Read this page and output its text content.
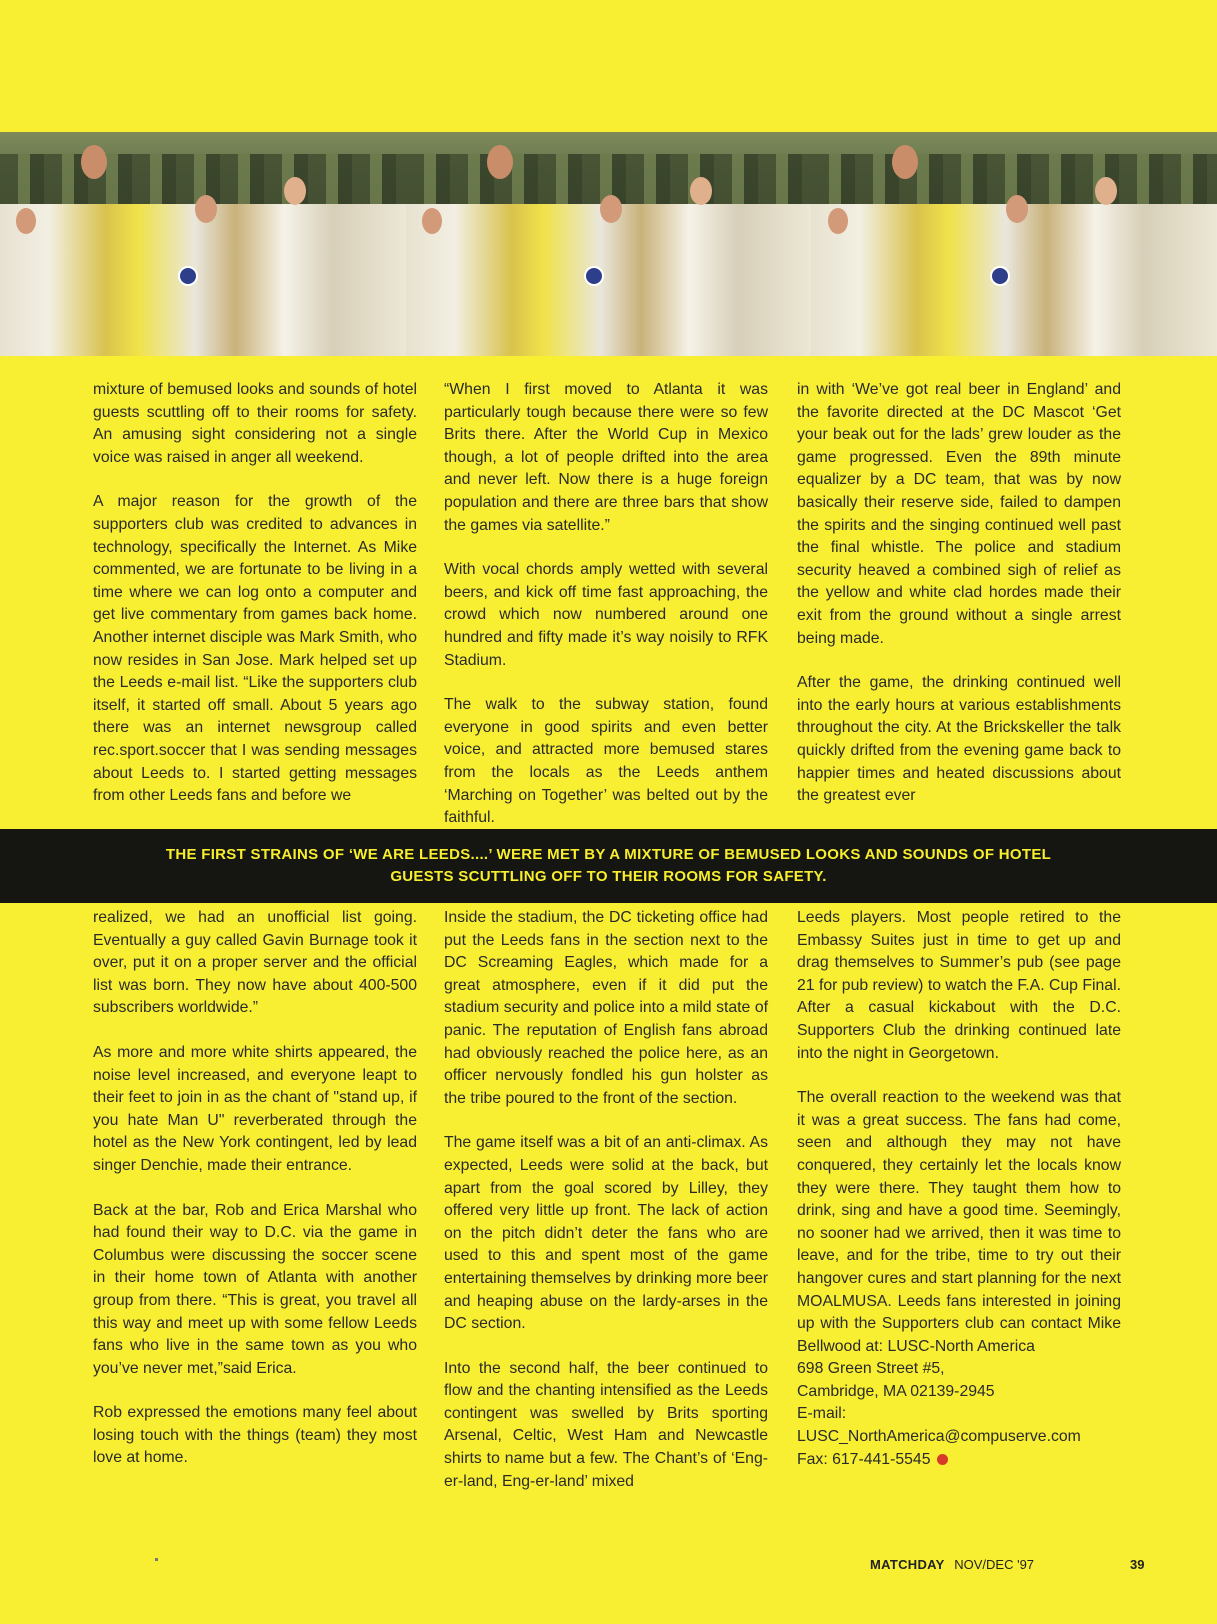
mixture of bemused looks and sounds of hotel guests scuttling off to their rooms for safety. An amusing sight considering not a single voice was raised in anger all weekend.

A major reason for the growth of the supporters club was credited to advances in technology, specifically the Internet. As Mike commented, we are fortunate to be living in a time where we can log onto a computer and get live commentary from games back home. Another internet disciple was Mark Smith, who now resides in San Jose. Mark helped set up the Leeds e-mail list. “Like the supporters club itself, it started off small. About 5 years ago there was an internet newsgroup called rec.sport.soccer that I was sending messages about Leeds to. I started getting messages from other Leeds fans and before we

“When I first moved to Atlanta it was particularly tough because there were so few Brits there. After the World Cup in Mexico though, a lot of people drifted into the area and never left. Now there is a huge foreign population and there are three bars that show the games via satellite.”

With vocal chords amply wetted with several beers, and kick off time fast approaching, the crowd which now numbered around one hundred and fifty made it’s way noisily to RFK Stadium.

The walk to the subway station, found everyone in good spirits and even better voice, and attracted more bemused stares from the locals as the Leeds anthem ‘Marching on Together’ was belted out by the faithful.

in with ‘We’ve got real beer in England’ and the favorite directed at the DC Mascot ‘Get your beak out for the lads’ grew louder as the game progressed. Even the 89th minute equalizer by a DC team, that was by now basically their reserve side, failed to dampen the spirits and the singing continued well past the final whistle. The police and stadium security heaved a combined sigh of relief as the yellow and white clad hordes made their exit from the ground without a single arrest being made.

After the game, the drinking continued well into the early hours at various establishments throughout the city. At the Brickskeller the talk quickly drifted from the evening game back to happier times and heated discussions about the greatest ever

THE FIRST STRAINS OF ‘WE ARE LEEDS....’ WERE MET BY A MIXTURE OF BEMUSED LOOKS AND SOUNDS OF HOTEL GUESTS SCUTTLING OFF TO THEIR ROOMS FOR SAFETY.

realized, we had an unofficial list going. Eventually a guy called Gavin Burnage took it over, put it on a proper server and the official list was born. They now have about 400-500 subscribers worldwide.”

As more and more white shirts appeared, the noise level increased, and everyone leapt to their feet to join in as the chant of "stand up, if you hate Man U" reverberated through the hotel as the New York contingent, led by lead singer Denchie, made their entrance.

Back at the bar, Rob and Erica Marshal who had found their way to D.C. via the game in Columbus were discussing the soccer scene in their home town of Atlanta with another group from there. “This is great, you travel all this way and meet up with some fellow Leeds fans who live in the same town as you who you’ve never met,”said Erica.

Rob expressed the emotions many feel about losing touch with the things (team) they most love at home.

Inside the stadium, the DC ticketing office had put the Leeds fans in the section next to the DC Screaming Eagles, which made for a great atmosphere, even if it did put the stadium security and police into a mild state of panic. The reputation of English fans abroad had obviously reached the police here, as an officer nervously fondled his gun holster as the tribe poured to the front of the section.

The game itself was a bit of an anti-climax. As expected, Leeds were solid at the back, but apart from the goal scored by Lilley, they offered very little up front. The lack of action on the pitch didn’t deter the fans who are used to this and spent most of the game entertaining themselves by drinking more beer and heaping abuse on the lardy-arses in the DC section.

Into the second half, the beer continued to flow and the chanting intensified as the Leeds contingent was swelled by Brits sporting Arsenal, Celtic, West Ham and Newcastle shirts to name but a few. The Chant’s of ‘Eng-er-land, Eng-er-land’ mixed

Leeds players. Most people retired to the Embassy Suites just in time to get up and drag themselves to Summer’s pub (see page 21 for pub review) to watch the F.A. Cup Final. After a casual kickabout with the D.C. Supporters Club the drinking continued late into the night in Georgetown.

The overall reaction to the weekend was that it was a great success. The fans had come, seen and although they may not have conquered, they certainly let the locals know they were there. They taught them how to drink, sing and have a good time. Seemingly, no sooner had we arrived, then it was time to leave, and for the tribe, time to try out their hangover cures and start planning for the next MOALMUSA. Leeds fans interested in joining up with the Supporters club can contact Mike Bellwood at: LUSC-North America

698 Green Street #5,
Cambridge, MA 02139-2945
E-mail:
LUSC_NorthAmerica@compuserve.com
Fax: 617-441-5545
MATCHDAY NOV/DEC '97	39
